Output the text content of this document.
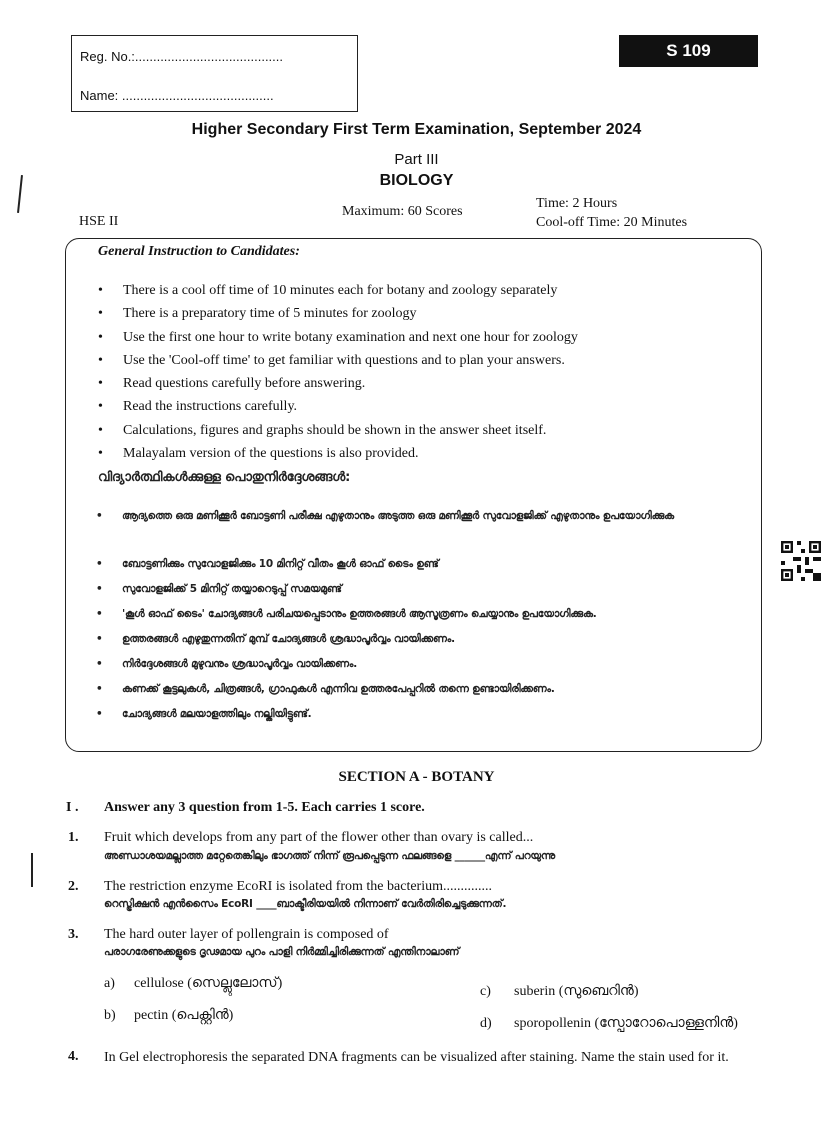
Reg. No.:.........................................
Name: ..........................................
S 109
Higher Secondary First Term Examination, September 2024
Part III
BIOLOGY
HSE II
Maximum: 60 Scores
Time: 2 Hours
Cool-off Time: 20 Minutes
General Instruction to Candidates:
• There is a cool off time of 10 minutes each for botany and zoology separately
• There is a preparatory time of 5 minutes for zoology
• Use the first one hour to write botany examination and next one hour for zoology
• Use the 'Cool-off time' to get familiar with questions and to plan your answers.
• Read questions carefully before answering.
• Read the instructions carefully.
• Calculations, figures and graphs should be shown in the answer sheet itself.
• Malayalam version of the questions is also provided.
വിദ്യാർത്ഥികൾക്കുള്ള പൊതുനിർദ്ദേശങ്ങൾ:
• ആദ്യത്തെ ഒരു മണിക്കൂർ ബോട്ടണി പരീക്ഷ എഴുതാനും അടുത്ത ഒരു മണിക്കൂർ സുവോളജിക്ക് എഴുതാനും ഉപയോഗിക്കുക
• ബോട്ടണിക്കും സുവോളജിക്കും 10 മിനിറ്റ് വീതം കൂൾ ഓഫ് ടൈം ഉണ്ട്
• സുവോളജിക്ക് 5 മിനിറ്റ് തയ്യാറെടുപ്പ് സമയമുണ്ട്
• 'കൂൾ ഓഫ് ടൈം' ചോദ്യങ്ങൾ പരിചയപ്പെടാനും ഉത്തരങ്ങൾ ആസൂത്രണം ചെയ്യാനും ഉപയോഗിക്കുക.
• ഉത്തരങ്ങൾ എഴുതുന്നതിന് മുമ്പ് ചോദ്യങ്ങൾ ശ്രദ്ധാപൂർവ്വം വായിക്കണം.
• നിർദ്ദേശങ്ങൾ മുഴുവനും ശ്രദ്ധാപൂർവ്വം വായിക്കണം.
• കണക്ക് കൂട്ടലുകൾ, ചിത്രങ്ങൾ, ഗ്രാഫുകൾ എന്നിവ ഉത്തരപേപ്പറിൽ തന്നെ ഉണ്ടായിരിക്കണം.
• ചോദ്യങ്ങൾ മലയാളത്തിലും നല്കിയിട്ടുണ്ട്.
SECTION A - BOTANY
I . Answer any 3 question from 1-5. Each carries 1 score.
1. Fruit which develops from any part of the flower other than ovary is called...
അണ്ഡാശയമല്ലാത്ത മറ്റേതെങ്കിലും ഭാഗത്ത് നിന്ന് രൂപപ്പെടുന്ന ഫലങ്ങളെ ______എന്ന് പറയുന്നു
2. The restriction enzyme EcoRI is isolated from the bacterium..............
റെസ്ട്രിക്ഷൻ എൻസൈം EcoRI ____ബാക്ടീരിയയിൽ നിന്നാണ് വേർതിരിച്ചെടുക്കുന്നത്.
3. The hard outer layer of pollengrain is composed of
പരാഗരേണുക്കളുടെ ദൃഢമായ പുറം പാളി നിർമ്മിച്ചിരിക്കുന്നത് എന്തിനാലാണ്
a) cellulose (സെല്ലുലോസ്)
b) pectin (പെക്റ്റിൻ)
c) suberin (സുബെറിൻ)
d) sporopollenin (സ്പോറോപൊള്ളനിൻ)
4. In Gel electrophoresis the separated DNA fragments can be visualized after staining. Name the stain used for it.
